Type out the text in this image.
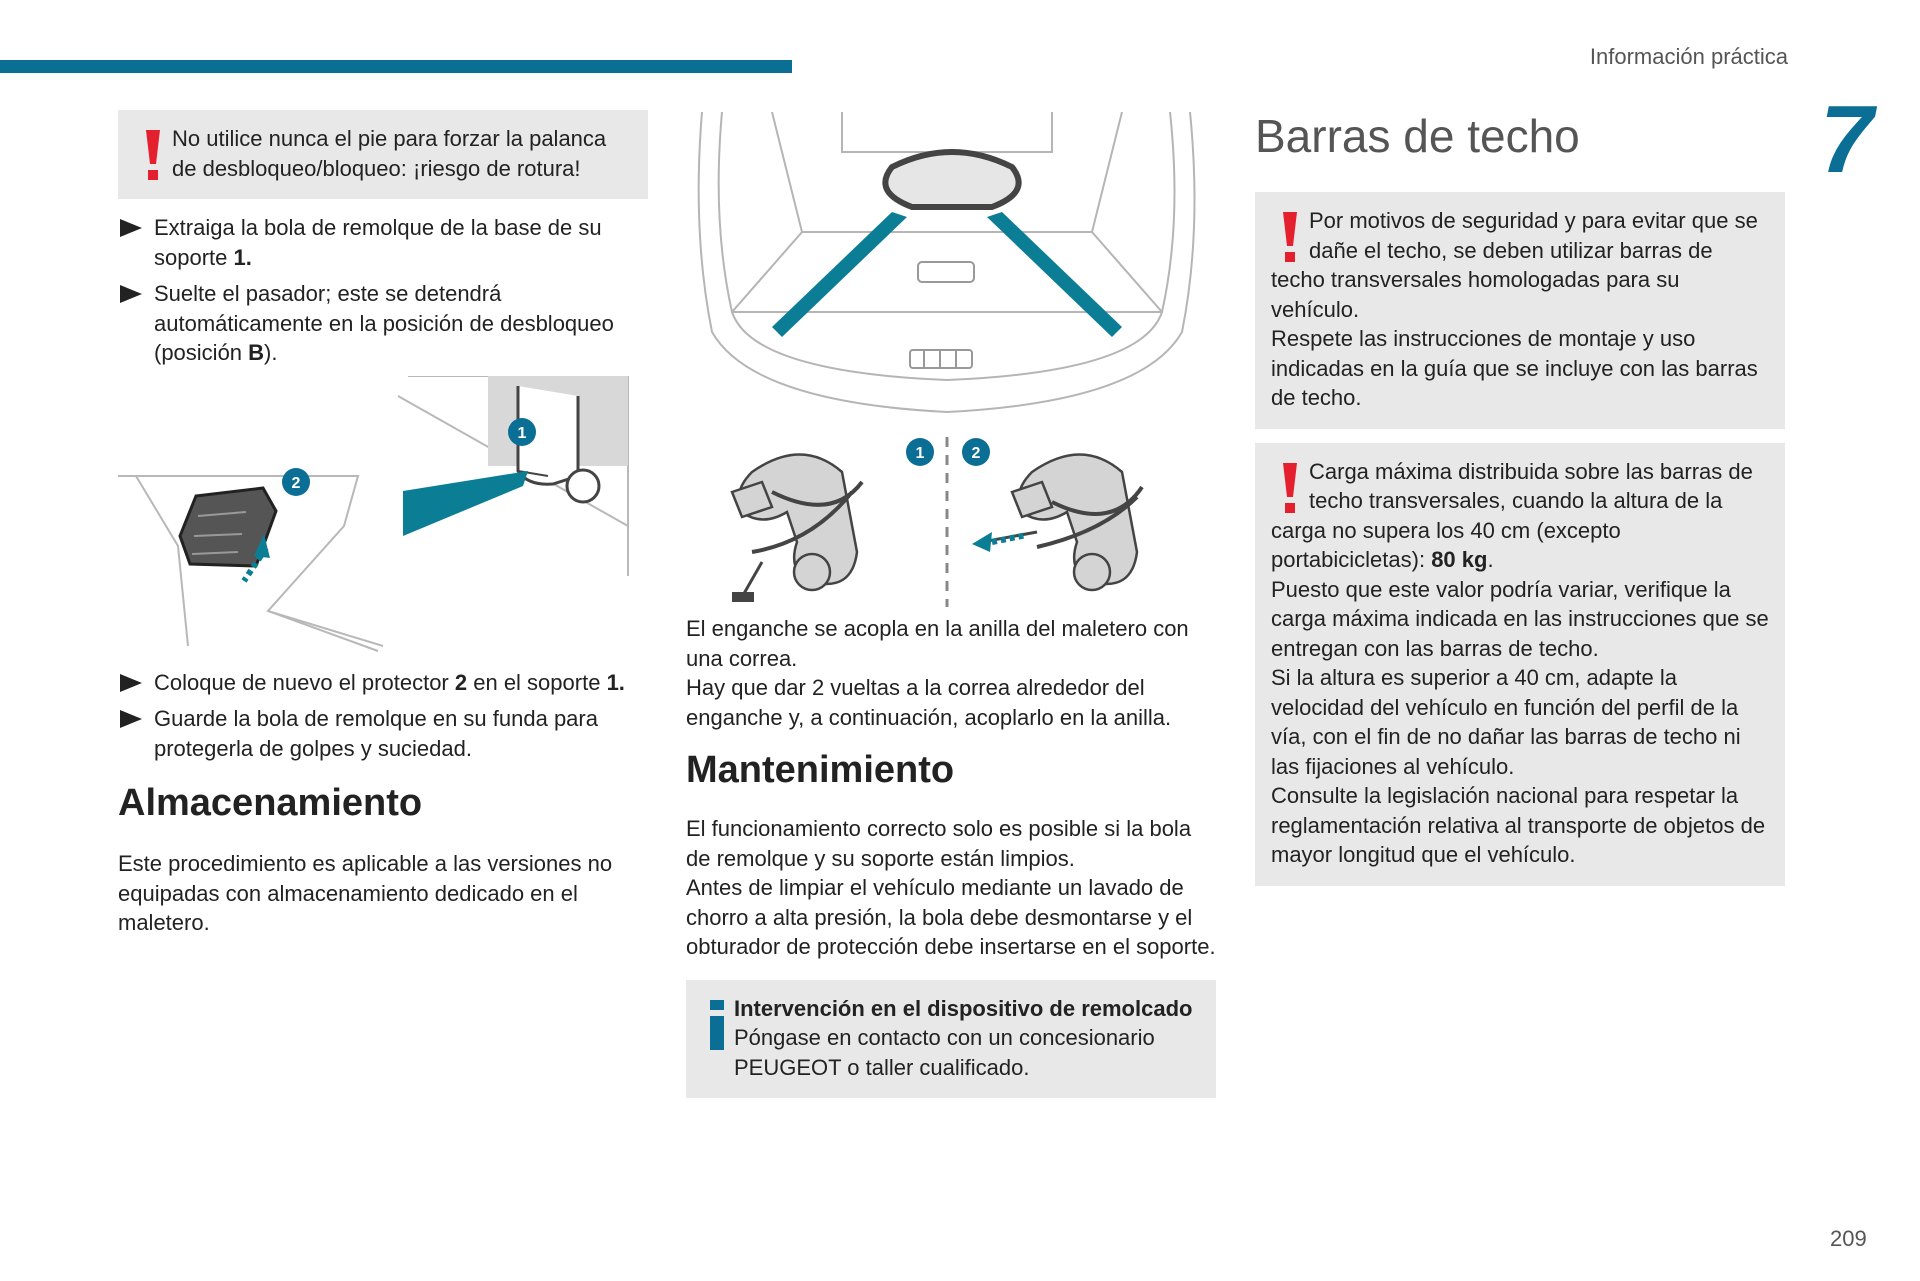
Información práctica
7
209

No utilice nunca el pie para forzar la palanca de desbloqueo/bloqueo: ¡riesgo de rotura!

Extraiga la bola de remolque de la base de su soporte 1.
Suelte el pasador; este se detendrá automáticamente en la posición de desbloqueo (posición B).
1
2
Coloque de nuevo el protector 2 en el soporte 1.
Guarde la bola de remolque en su funda para protegerla de golpes y suciedad.
Almacenamiento

Este procedimiento es aplicable a las versiones no equipadas con almacenamiento dedicado en el maletero.

1	2

El enganche se acopla en la anilla del maletero con una correa.

Hay que dar 2 vueltas a la correa alrededor del enganche y, a continuación, acoplarlo en la anilla.

Mantenimiento

El funcionamiento correcto solo es posible si la bola de remolque y su soporte están limpios.

Antes de limpiar el vehículo mediante un lavado de chorro a alta presión, la bola debe desmontarse y el obturador de protección debe insertarse en el soporte.

Intervención en el dispositivo de remolcado

Póngase en contacto con un concesionario PEUGEOT o taller cualificado.

Barras de techo

Por motivos de seguridad y para evitar que se dañe el techo, se deben utilizar barras de techo transversales homologadas para su vehículo.

Respete las instrucciones de montaje y uso indicadas en la guía que se incluye con las barras de techo.

Carga máxima distribuida sobre las barras de techo transversales, cuando la altura de la carga no supera los 40 cm (excepto portabicicletas): 80 kg.

Puesto que este valor podría variar, verifique la carga máxima indicada en las instrucciones que se entregan con las barras de techo.

Si la altura es superior a 40 cm, adapte la velocidad del vehículo en función del perfil de la vía, con el fin de no dañar las barras de techo ni las fijaciones al vehículo.

Consulte la legislación nacional para respetar la reglamentación relativa al transporte de objetos de mayor longitud que el vehículo.
